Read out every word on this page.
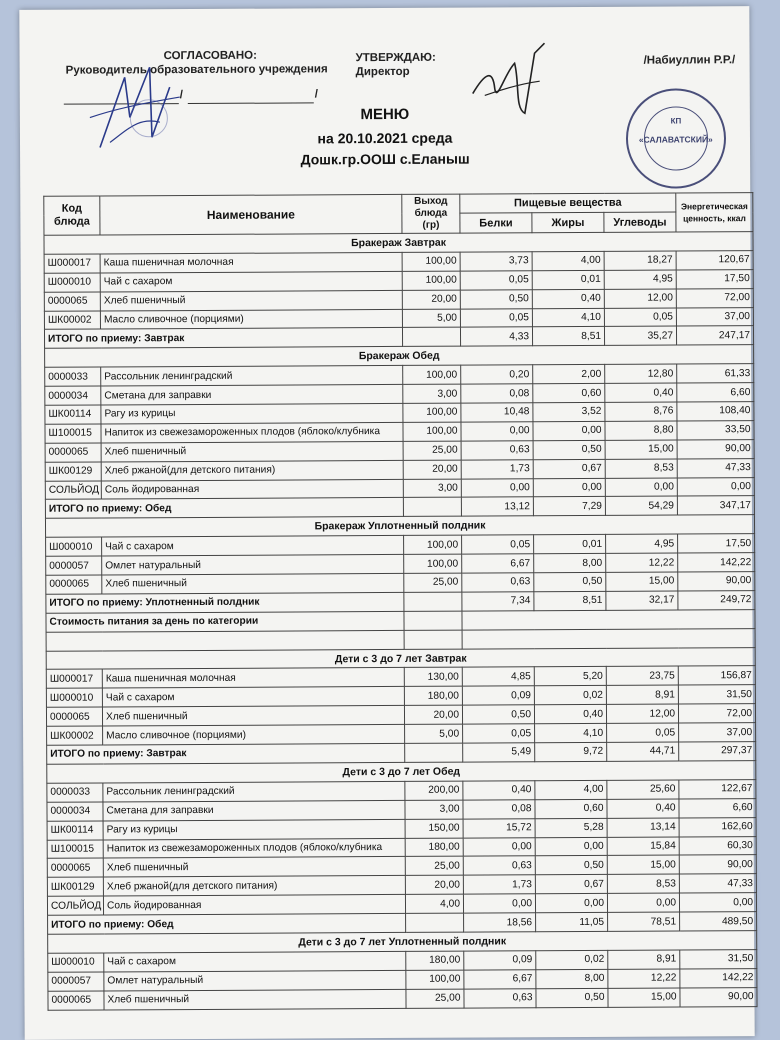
СОГЛАСОВАНО:
Руководитель образовательного учреждения
/	/
УТВЕРЖДАЮ:
Директор
/Набиуллин Р.Р./
КП
«САЛАВАТСКИЙ»
МЕНЮ
на 20.10.2021 среда
Дошк.гр.ООШ с.Еланыш
Код блюда	Наименование	Выход блюда (гр)	Пищевые вещества			Энергетическая ценность, ккал
			Белки	Жиры	Углеводы	
Бракераж Завтрак						
Ш000017	Каша пшеничная молочная	100,00	3,73	4,00	18,27	120,67
Ш000010	Чай с сахаром	100,00	0,05	0,01	4,95	17,50
0000065	Хлеб пшеничный	20,00	0,50	0,40	12,00	72,00
ШК00002	Масло сливочное (порциями)	5,00	0,05	4,10	0,05	37,00
ИТОГО по приему: Завтрак			4,33	8,51	35,27	247,17
Бракераж Обед						
0000033	Рассольник ленинградский	100,00	0,20	2,00	12,80	61,33
0000034	Сметана для заправки	3,00	0,08	0,60	0,40	6,60
ШК00114	Рагу из курицы	100,00	10,48	3,52	8,76	108,40
Ш100015	Напиток из свежезамороженных плодов (яблоко/клубника	100,00	0,00	0,00	8,80	33,50
0000065	Хлеб пшеничный	25,00	0,63	0,50	15,00	90,00
ШК00129	Хлеб ржаной(для детского питания)	20,00	1,73	0,67	8,53	47,33
СОЛЬЙОД	Соль йодированная	3,00	0,00	0,00	0,00	0,00
ИТОГО по приему: Обед			13,12	7,29	54,29	347,17
Бракераж Уплотненный полдник						
Ш000010	Чай с сахаром	100,00	0,05	0,01	4,95	17,50
0000057	Омлет натуральный	100,00	6,67	8,00	12,22	142,22
0000065	Хлеб пшеничный	25,00	0,63	0,50	15,00	90,00
ИТОГО по приему: Уплотненный полдник			7,34	8,51	32,17	249,72
Стоимость питания за день по категории						

Дети с 3 до 7 лет Завтрак						
Ш000017	Каша пшеничная молочная	130,00	4,85	5,20	23,75	156,87
Ш000010	Чай с сахаром	180,00	0,09	0,02	8,91	31,50
0000065	Хлеб пшеничный	20,00	0,50	0,40	12,00	72,00
ШК00002	Масло сливочное (порциями)	5,00	0,05	4,10	0,05	37,00
ИТОГО по приему: Завтрак			5,49	9,72	44,71	297,37
Дети с 3 до 7 лет Обед						
0000033	Рассольник ленинградский	200,00	0,40	4,00	25,60	122,67
0000034	Сметана для заправки	3,00	0,08	0,60	0,40	6,60
ШК00114	Рагу из курицы	150,00	15,72	5,28	13,14	162,60
Ш100015	Напиток из свежезамороженных плодов (яблоко/клубника	180,00	0,00	0,00	15,84	60,30
0000065	Хлеб пшеничный	25,00	0,63	0,50	15,00	90,00
ШК00129	Хлеб ржаной(для детского питания)	20,00	1,73	0,67	8,53	47,33
СОЛЬЙОД	Соль йодированная	4,00	0,00	0,00	0,00	0,00
ИТОГО по приему: Обед			18,56	11,05	78,51	489,50
Дети с 3 до 7 лет Уплотненный полдник						
Ш000010	Чай с сахаром	180,00	0,09	0,02	8,91	31,50
0000057	Омлет натуральный	100,00	6,67	8,00	12,22	142,22
0000065	Хлеб пшеничный	25,00	0,63	0,50	15,00	90,00
